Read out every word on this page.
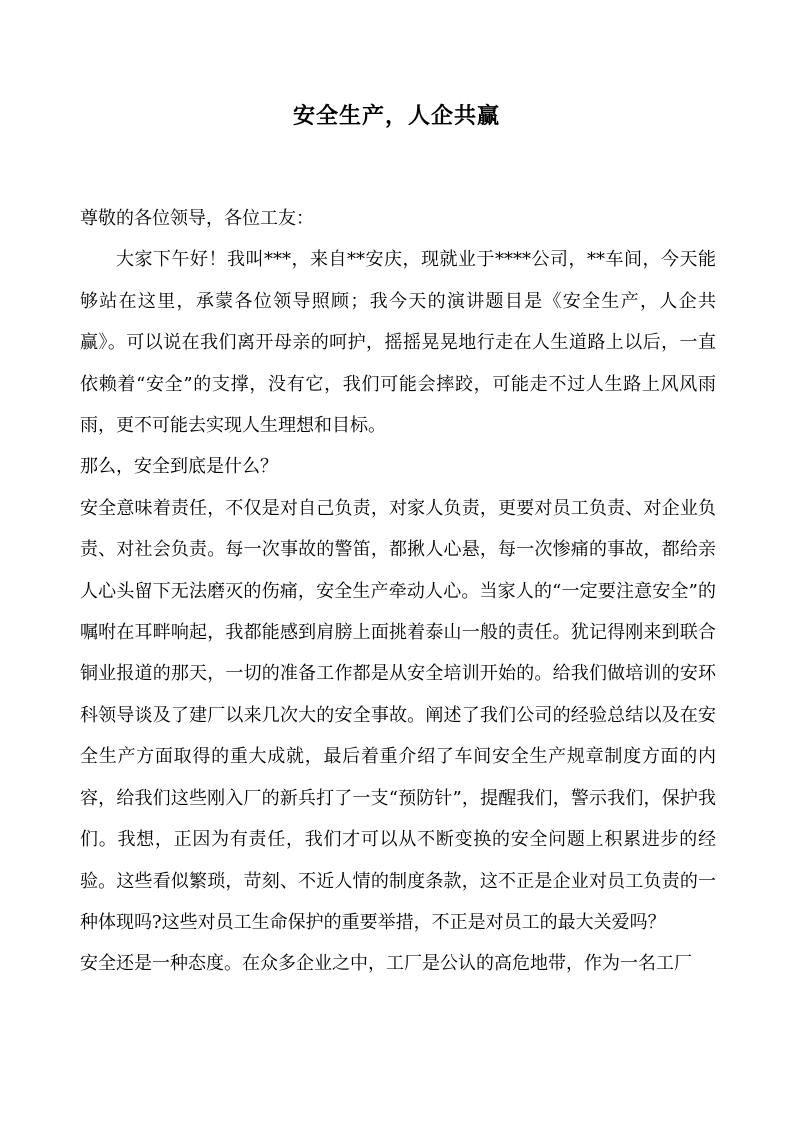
安全生产，人企共赢

尊敬的各位领导，各位工友：

大家下午好！我叫***，来自**安庆，现就业于****公司，**车间，今天能够站在这里，承蒙各位领导照顾；我今天的演讲题目是《安全生产，人企共赢》。可以说在我们离开母亲的呵护，摇摇晃晃地行走在人生道路上以后，一直依赖着“安全”的支撑，没有它，我们可能会摔跤，可能走不过人生路上风风雨雨，更不可能去实现人生理想和目标。

那么，安全到底是什么？

安全意味着责任，不仅是对自己负责，对家人负责，更要对员工负责、对企业负责、对社会负责。每一次事故的警笛，都揪人心悬，每一次惨痛的事故，都给亲人心头留下无法磨灭的伤痛，安全生产牵动人心。当家人的“一定要注意安全”的嘱咐在耳畔响起，我都能感到肩膀上面挑着泰山一般的责任。犹记得刚来到联合铜业报道的那天，一切的准备工作都是从安全培训开始的。给我们做培训的安环科领导谈及了建厂以来几次大的安全事故。阐述了我们公司的经验总结以及在安全生产方面取得的重大成就，最后着重介绍了车间安全生产规章制度方面的内容，给我们这些刚入厂的新兵打了一支“预防针”，提醒我们，警示我们，保护我们。我想，正因为有责任，我们才可以从不断变换的安全问题上积累进步的经验。这些看似繁琐，苛刻、不近人情的制度条款，这不正是企业对员工负责的一种体现吗?这些对员工生命保护的重要举措，不正是对员工的最大关爱吗？

安全还是一种态度。在众多企业之中，工厂是公认的高危地带，作为一名工厂
